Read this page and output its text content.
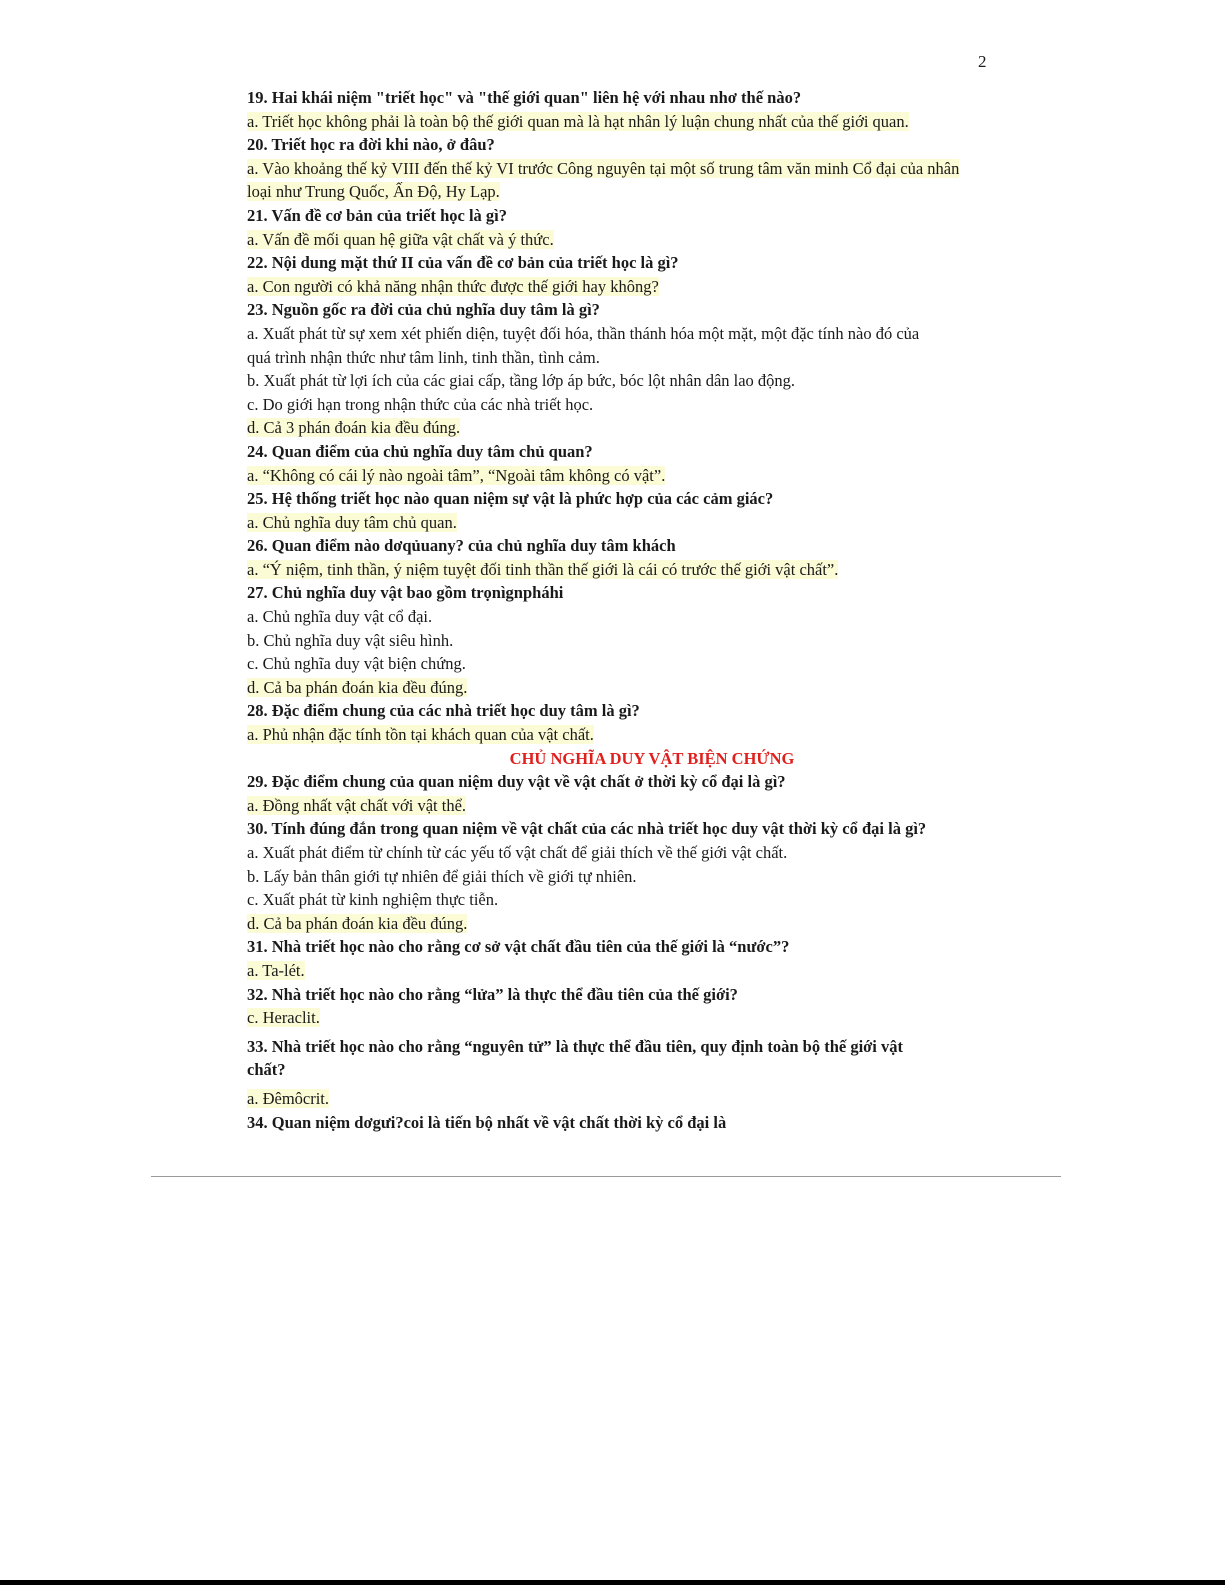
2
19. Hai khái niệm "triết học" và "thế giới quan" liên hệ với nhau nhơ thế nào?
a. Triết học không phải là toàn bộ thế giới quan mà là hạt nhân lý luận chung nhất của thế giới quan.
20. Triết học ra đời khi nào, ở đâu?
a. Vào khoảng thế kỷ VIII đến thế kỷ VI trước Công nguyên tại một số trung tâm văn minh Cổ đại của nhân
loại như Trung Quốc, Ấn Độ, Hy Lạp.
21. Vấn đề cơ bản của triết học là gì?
a. Vấn đề mối quan hệ giữa vật chất và ý thức.
22. Nội dung mặt thứ II của vấn đề cơ bản của triết học là gì?
a. Con người có khả năng nhận thức được thế giới hay không?
23. Nguồn gốc ra đời của chủ nghĩa duy tâm là gì?
a. Xuất phát từ sự xem xét phiến diện, tuyệt đối hóa, thần thánh hóa một mặt, một đặc tính nào đó của
quá trình nhận thức như tâm linh, tinh thần, tình cảm.
b. Xuất phát từ lợi ích của các giai cấp, tầng lớp áp bức, bóc lột nhân dân lao động.
c. Do giới hạn trong nhận thức của các nhà triết học.
d. Cả 3 phán đoán kia đều đúng.
24. Quan điểm của chủ nghĩa duy tâm chủ quan?
a. “Không có cái lý nào ngoài tâm”, “Ngoài tâm không có vật”.
25. Hệ thống triết học nào quan niệm sự vật là phức hợp của các cảm giác?
a. Chủ nghĩa duy tâm chủ quan.
26. Quan điểm nào dơqủuany? của chủ nghĩa duy tâm khách
a. “Ý niệm, tinh thần, ý niệm tuyệt đối tinh thần thế giới là cái có trước thế giới vật chất”.
27. Chủ nghĩa duy vật bao gồm trọnìgnpháhi
a. Chủ nghĩa duy vật cổ đại.
b. Chủ nghĩa duy vật siêu hình.
c. Chủ nghĩa duy vật biện chứng.
d. Cả ba phán đoán kia đều đúng.
28. Đặc điểm chung của các nhà triết học duy tâm là gì?
a. Phủ nhận đặc tính tồn tại khách quan của vật chất.
CHỦ NGHĨA DUY VẬT BIỆN CHỨNG
29. Đặc điểm chung của quan niệm duy vật về vật chất ở thời kỳ cổ đại là gì?
a. Đồng nhất vật chất với vật thể.
30. Tính đúng đắn trong quan niệm về vật chất của các nhà triết học duy vật thời kỳ cổ đại là gì?
a. Xuất phát điểm từ chính từ các yếu tố vật chất để giải thích về thế giới vật chất.
b. Lấy bản thân giới tự nhiên để giải thích về giới tự nhiên.
c. Xuất phát từ kinh nghiệm thực tiễn.
d. Cả ba phán đoán kia đều đúng.
31. Nhà triết học nào cho rằng cơ sở vật chất đầu tiên của thế giới là “nước”?
a. Ta-lét.
32. Nhà triết học nào cho rằng “lửa” là thực thể đầu tiên của thế giới?
c. Heraclit.
33. Nhà triết học nào cho rằng “nguyên tử” là thực thể đầu tiên, quy định toàn bộ thế giới vật
chất?
a. Đêmôcrit.
34. Quan niệm dơgưi?coi là tiến bộ nhất về vật chất thời kỳ cổ đại là
